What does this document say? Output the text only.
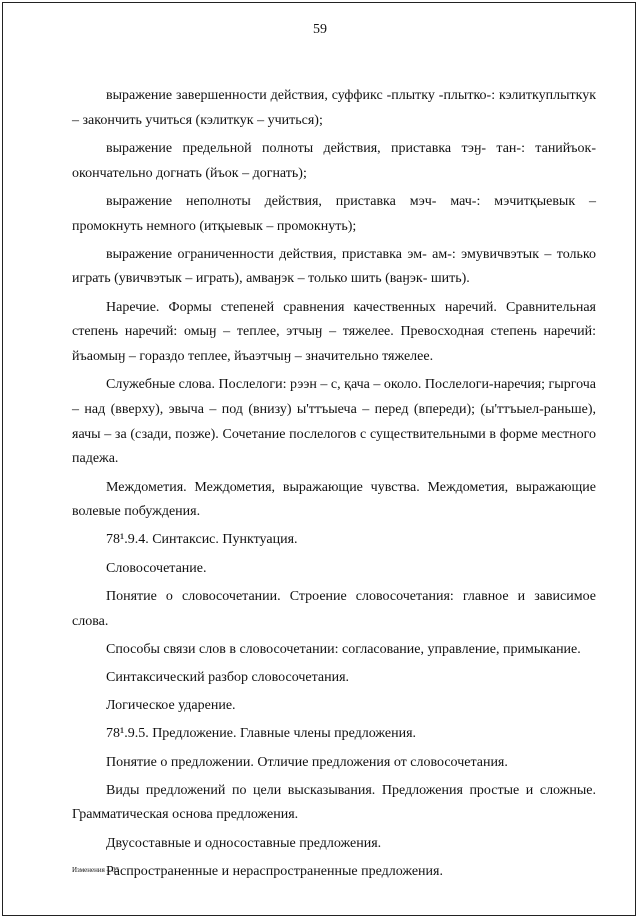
59

выражение завершенности действия, суффикс -плытку -плытко-: кэлиткуплыткук – закончить учиться (кэлиткук – учиться);

выражение предельной полноты действия, приставка тэӈ- тан-: танийъок-окончательно догнать (йъок – догнать);

выражение неполноты действия, приставка мэч- мач-: мэчитқыевык – промокнуть немного (итқыевык – промокнуть);

выражение ограниченности действия, приставка эм- ам-: эмувичвэтык – только играть (увичвэтык – играть), амваӈэк – только шить (ваӈэк- шить).

Наречие. Формы степеней сравнения качественных наречий. Сравнительная степень наречий: омыӈ – теплее, этчыӈ – тяжелее. Превосходная степень наречий: йъаомыӈ – гораздо теплее, йъаэтчыӈ – значительно тяжелее.

Служебные слова. Послелоги: рээн – с, қача – около. Послелоги-наречия; гыргоча – над (вверху), эвыча – под (внизу) ы'ттъыеча – перед (впереди); (ы'ттъыел-раньше), яачы – за (сзади, позже). Сочетание послелогов с существительными в форме местного падежа.

Междометия. Междометия, выражающие чувства. Междометия, выражающие волевые побуждения.

78¹.9.4. Синтаксис. Пунктуация.

Словосочетание.

Понятие о словосочетании. Строение словосочетания: главное и зависимое слова.

Способы связи слов в словосочетании: согласование, управление, примыкание.

Синтаксический разбор словосочетания.

Логическое ударение.

78¹.9.5. Предложение. Главные члены предложения.

Понятие о предложении. Отличие предложения от словосочетания.

Виды предложений по цели высказывания. Предложения простые и сложные. Грамматическая основа предложения.

Двусоставные и односоставные предложения.

Распространенные и нераспространенные предложения.

Изменения – 03
